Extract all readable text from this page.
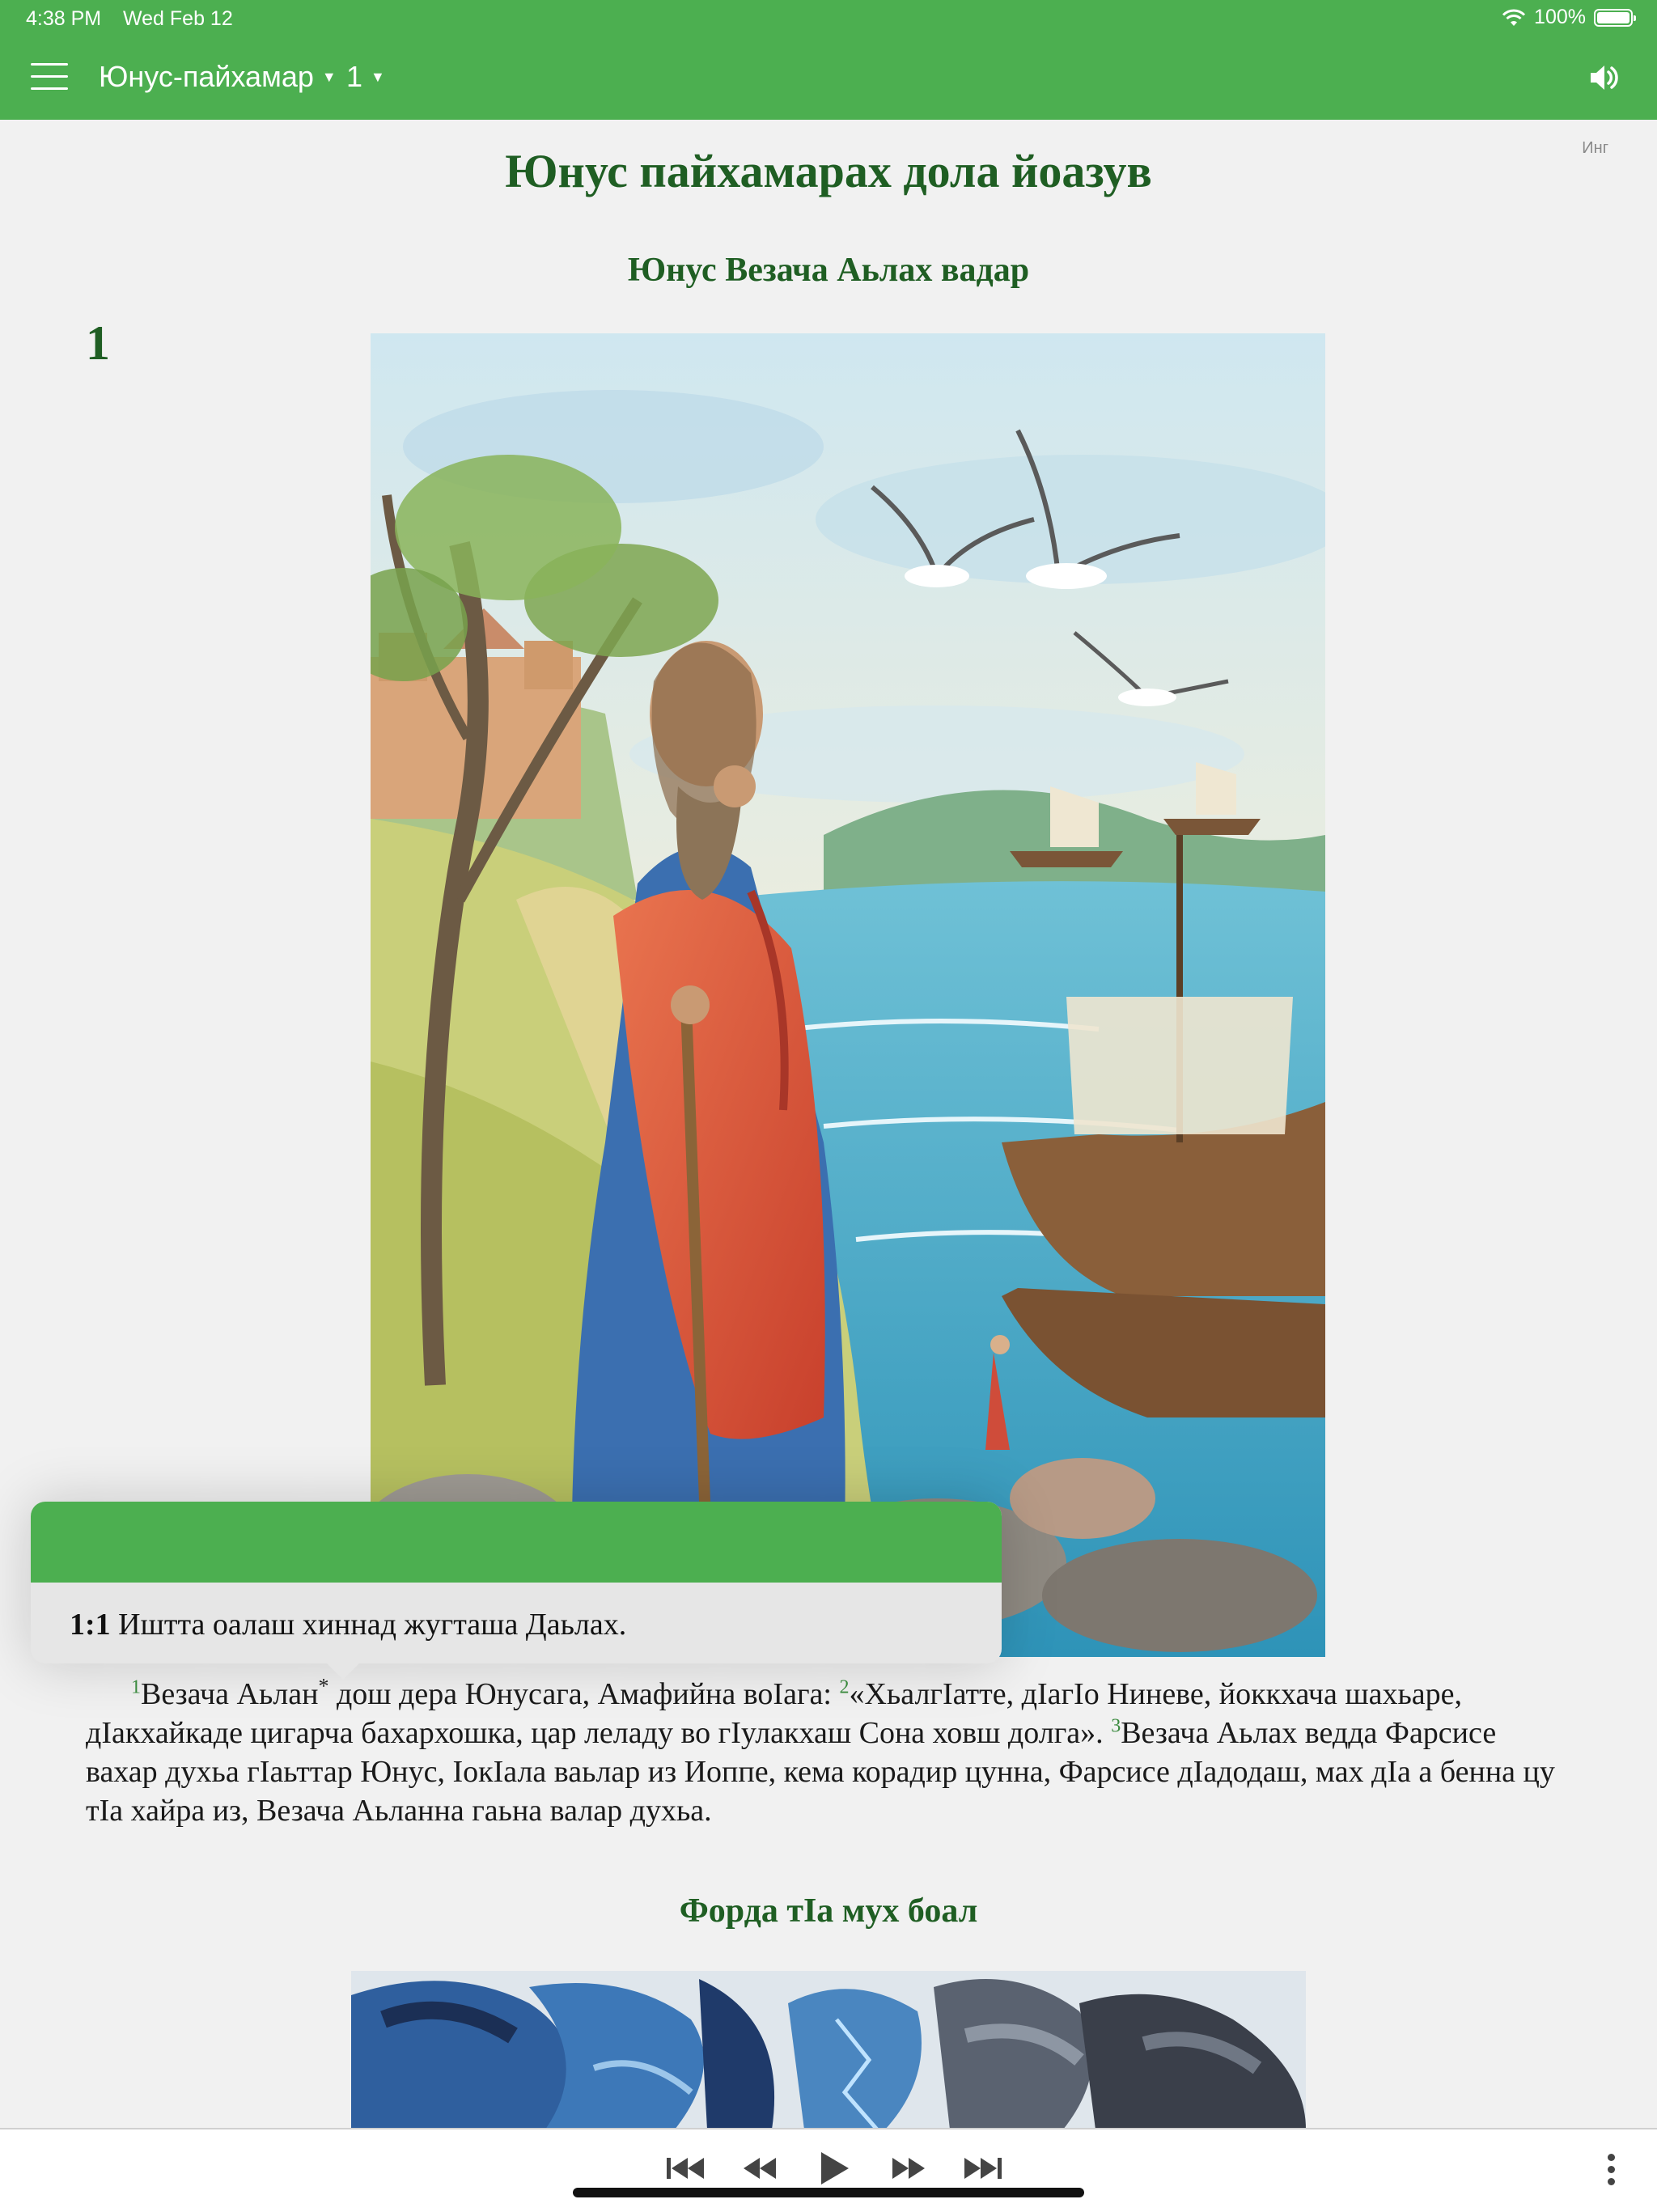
4:38 PM Wed Feb 12	100%
Юнус-пайхамар ▼ 1 ▼
Инг
Юнус пайхамарах дола йоазув
Юнус Везача Аьлах вадар
1
1:1 Иштта оалаш хиннад жугташа Даьлах.
$^1$Везача Аьлан* дош дера Юнусага, Амафийна воIага: $^2$«ХьалгIатте, дIагIо Ниневе, йоккхача шахьаре, дIакхайкаде цигарча бахархошка, цар леладу во гIулакхаш Сона ховш долга». $^3$Везача Аьлах ведда Фарсисе вахар духьа гIаьттар Юнус, IокIала ваьлар из Иоппе, кема корадир цунна, Фарсисе дIадодаш, мах дIа а бенна цу тIа хайра из, Везача Аьланна гаьна валар духьа.
Форда тIа мух боал
